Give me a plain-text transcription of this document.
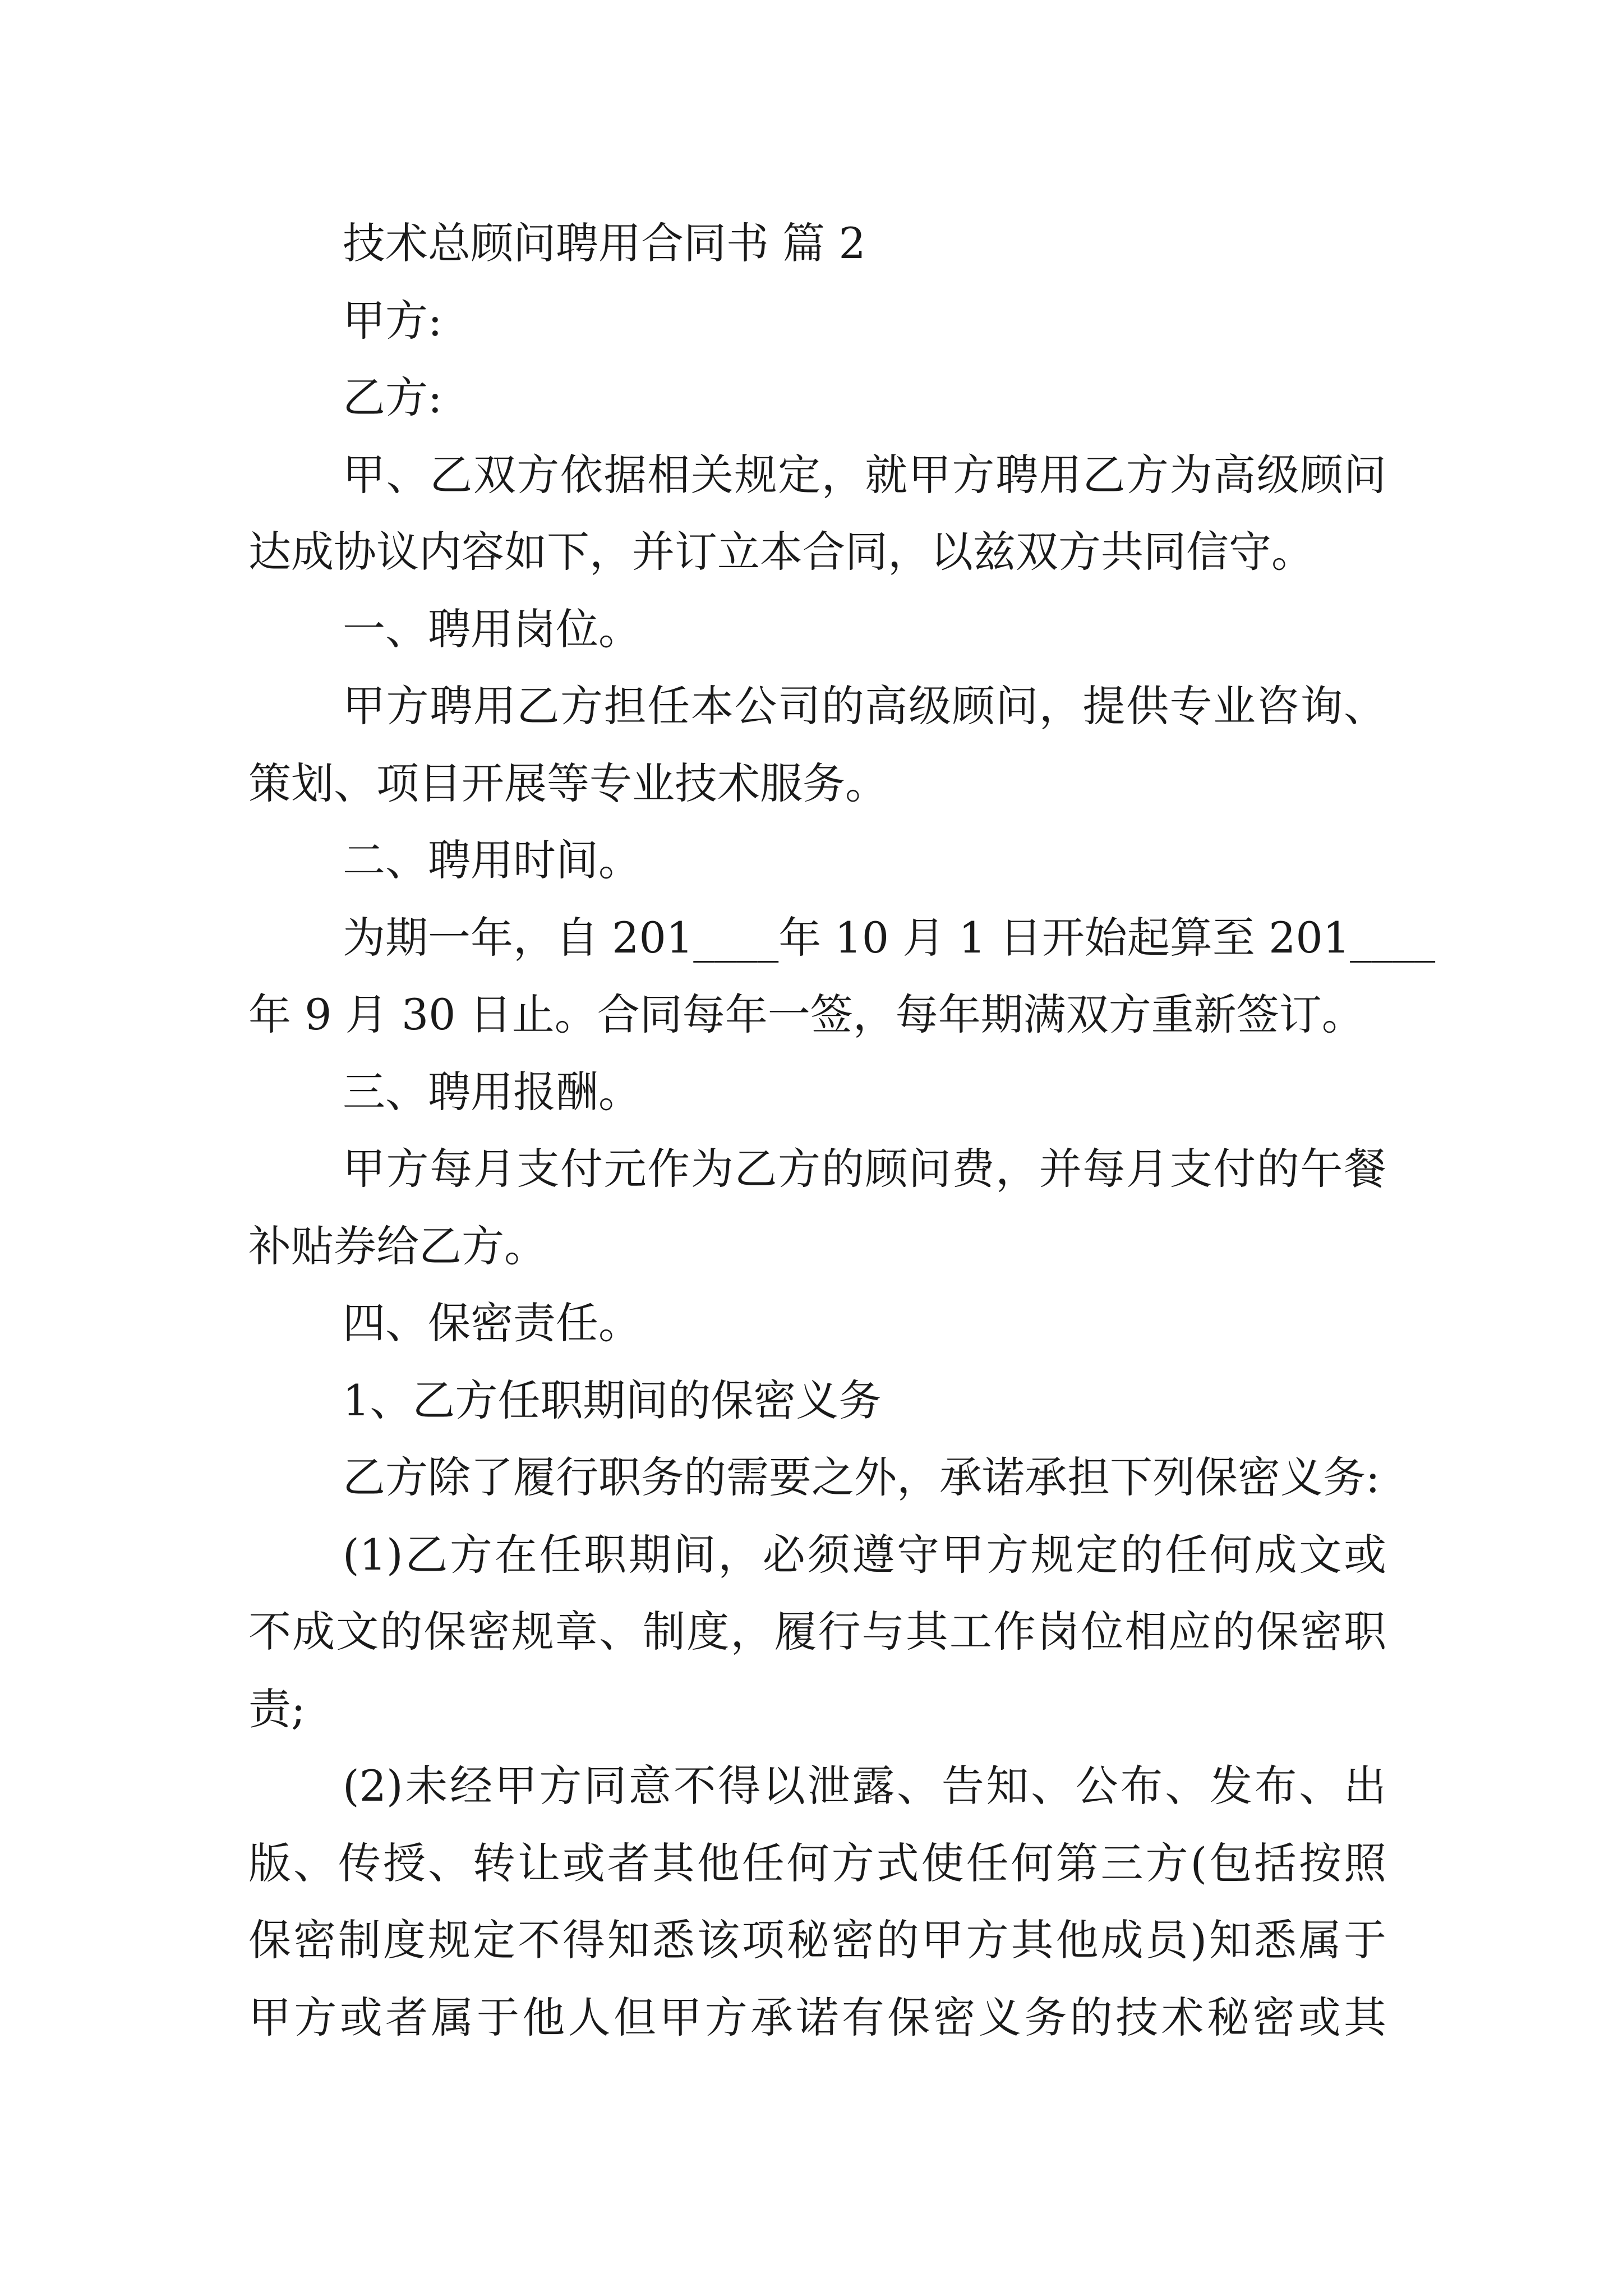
技术总顾问聘用合同书 篇 2
甲方:
乙方:
甲、乙双方依据相关规定，就甲方聘用乙方为高级顾问
达成协议内容如下，并订立本合同，以兹双方共同信守。
一、聘用岗位。
甲方聘用乙方担任本公司的高级顾问，提供专业咨询、
策划、项目开展等专业技术服务。
二、聘用时间。
为期一年，自 201____年 10 月 1 日开始起算至 201____
年 9 月 30 日止。合同每年一签，每年期满双方重新签订。
三、聘用报酬。
甲方每月支付元作为乙方的顾问费，并每月支付的午餐
补贴券给乙方。
四、保密责任。
1、乙方任职期间的保密义务
乙方除了履行职务的需要之外，承诺承担下列保密义务:
(1)乙方在任职期间，必须遵守甲方规定的任何成文或
不成文的保密规章、制度，履行与其工作岗位相应的保密职
责;
(2)未经甲方同意不得以泄露、告知、公布、发布、出
版、传授、转让或者其他任何方式使任何第三方(包括按照
保密制度规定不得知悉该项秘密的甲方其他成员)知悉属于
甲方或者属于他人但甲方承诺有保密义务的技术秘密或其
